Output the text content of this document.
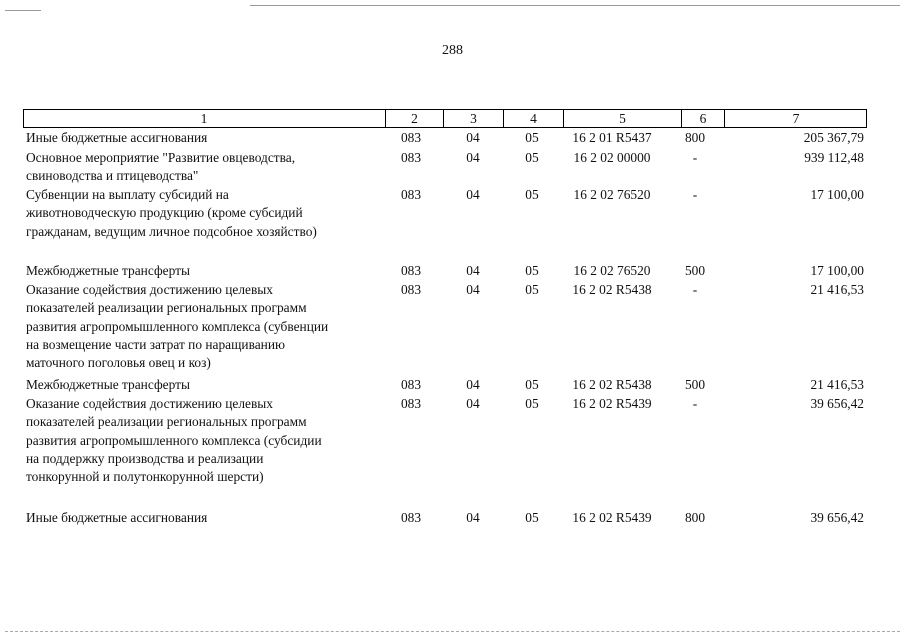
288
1	2	3	4	5	6	7
Иные бюджетные ассигнования	083	04	05	16 2 01 R5437	800	205 367,79
Основное мероприятие "Развитие овцеводства,
свиноводства и птицеводства"
083	04	05	16 2 02 00000	-	939 112,48
Субвенции на выплату субсидий на
животноводческую продукцию (кроме субсидий
гражданам, ведущим личное подсобное хозяйство)
083	04	05	16 2 02 76520	-	17 100,00
Межбюджетные трансферты	083	04	05	16 2 02 76520	500	17 100,00
Оказание содействия достижению целевых
показателей реализации региональных программ
развития агропромышленного комплекса (субвенции
на возмещение части затрат по наращиванию
маточного поголовья овец и коз)
083	04	05	16 2 02 R5438	-	21 416,53
Межбюджетные трансферты	083	04	05	16 2 02 R5438	500	21 416,53
Оказание содействия достижению целевых
показателей реализации региональных программ
развития агропромышленного комплекса (субсидии
на поддержку производства и реализации
тонкорунной и полутонкорунной шерсти)
083	04	05	16 2 02 R5439	-	39 656,42
Иные бюджетные ассигнования	083	04	05	16 2 02 R5439	800	39 656,42
